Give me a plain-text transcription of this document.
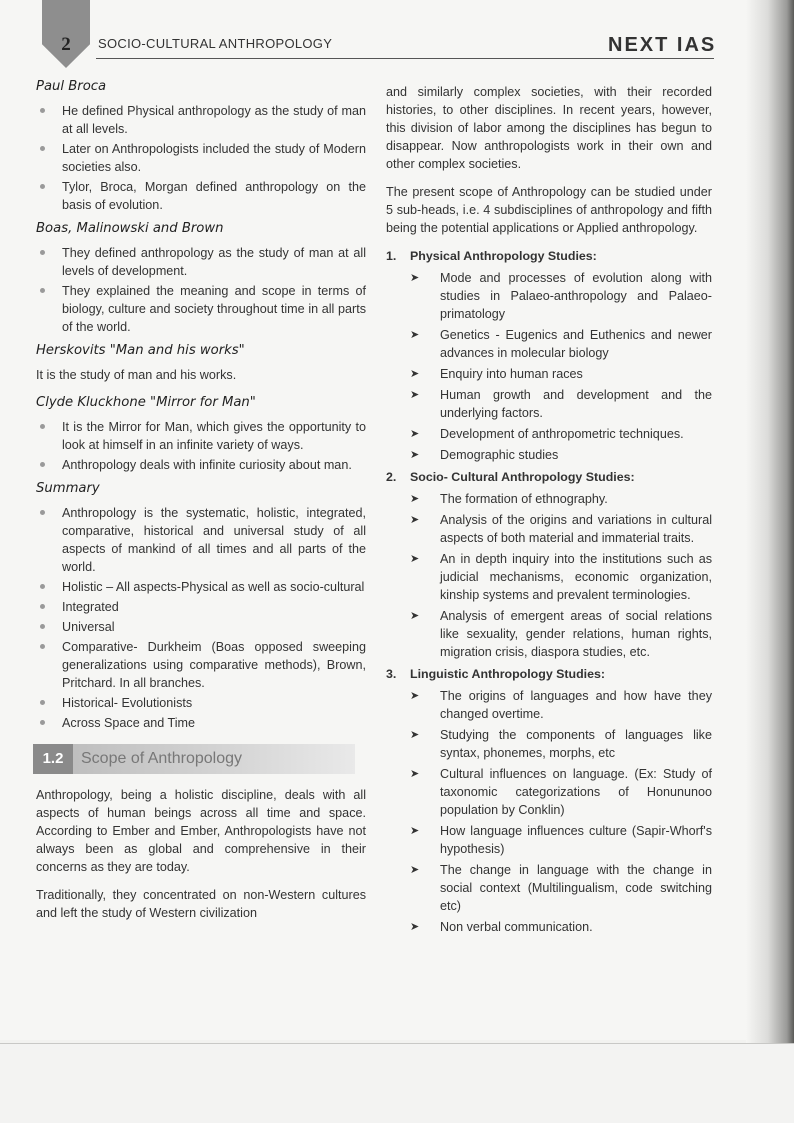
2	SOCIO-CULTURAL ANTHROPOLOGY	NEXT IAS
Paul Broca
He defined Physical anthropology as the study of man at all levels.
Later on Anthropologists included the study of Modern societies also.
Tylor, Broca, Morgan defined anthropology on the basis of evolution.
Boas, Malinowski and Brown
They defined anthropology as the study of man at all levels of development.
They explained the meaning and scope in terms of biology, culture and society throughout time in all parts of the world.
Herskovits "Man and his works"

It is the study of man and his works.

Clyde Kluckhone "Mirror for Man"
It is the Mirror for Man, which gives the opportunity to look at himself in an infinite variety of ways.
Anthropology deals with infinite curiosity about man.
Summary
Anthropology is the systematic, holistic, integrated, comparative, historical and universal study of all aspects of mankind of all times and all parts of the world.
Holistic – All aspects-Physical as well as socio-cultural
Integrated
Universal
Comparative- Durkheim (Boas opposed sweeping generalizations using comparative methods), Brown, Pritchard. In all branches.
Historical- Evolutionists
Across Space and Time
1.2	Scope of Anthropology

Anthropology, being a holistic discipline, deals with all aspects of human beings across all time and space. According to Ember and Ember, Anthropologists have not always been as global and comprehensive in their concerns as they are today.

Traditionally, they concentrated on non-Western cultures and left the study of Western civilization

and similarly complex societies, with their recorded histories, to other disciplines. In recent years, however, this division of labor among the disciplines has begun to disappear. Now anthropologists work in their own and other complex societies.

The present scope of Anthropology can be studied under 5 sub-heads, i.e. 4 subdisciplines of anthropology and fifth being the potential applications or Applied anthropology.

1. Physical Anthropology Studies:
➤ Mode and processes of evolution along with studies in Palaeo-anthropology and Palaeo-primatology
➤ Genetics - Eugenics and Euthenics and newer advances in molecular biology
➤ Enquiry into human races
➤ Human growth and development and the underlying factors.
➤ Development of anthropometric techniques.
➤ Demographic studies
2. Socio- Cultural Anthropology Studies:
➤ The formation of ethnography.
➤ Analysis of the origins and variations in cultural aspects of both material and immaterial traits.
➤ An in depth inquiry into the institutions such as judicial mechanisms, economic organization, kinship systems and prevalent terminologies.
➤ Analysis of emergent areas of social relations like sexuality, gender relations, human rights, migration crisis, diaspora studies, etc.
3. Linguistic Anthropology Studies:
➤ The origins of languages and how have they changed overtime.
➤ Studying the components of languages like syntax, phonemes, morphs, etc
➤ Cultural influences on language. (Ex: Study of taxonomic categorizations of Honununoo population by Conklin)
➤ How language influences culture (Sapir-Whorf's hypothesis)
➤ The change in language with the change in social context (Multilingualism, code switching etc)
➤ Non verbal communication.
